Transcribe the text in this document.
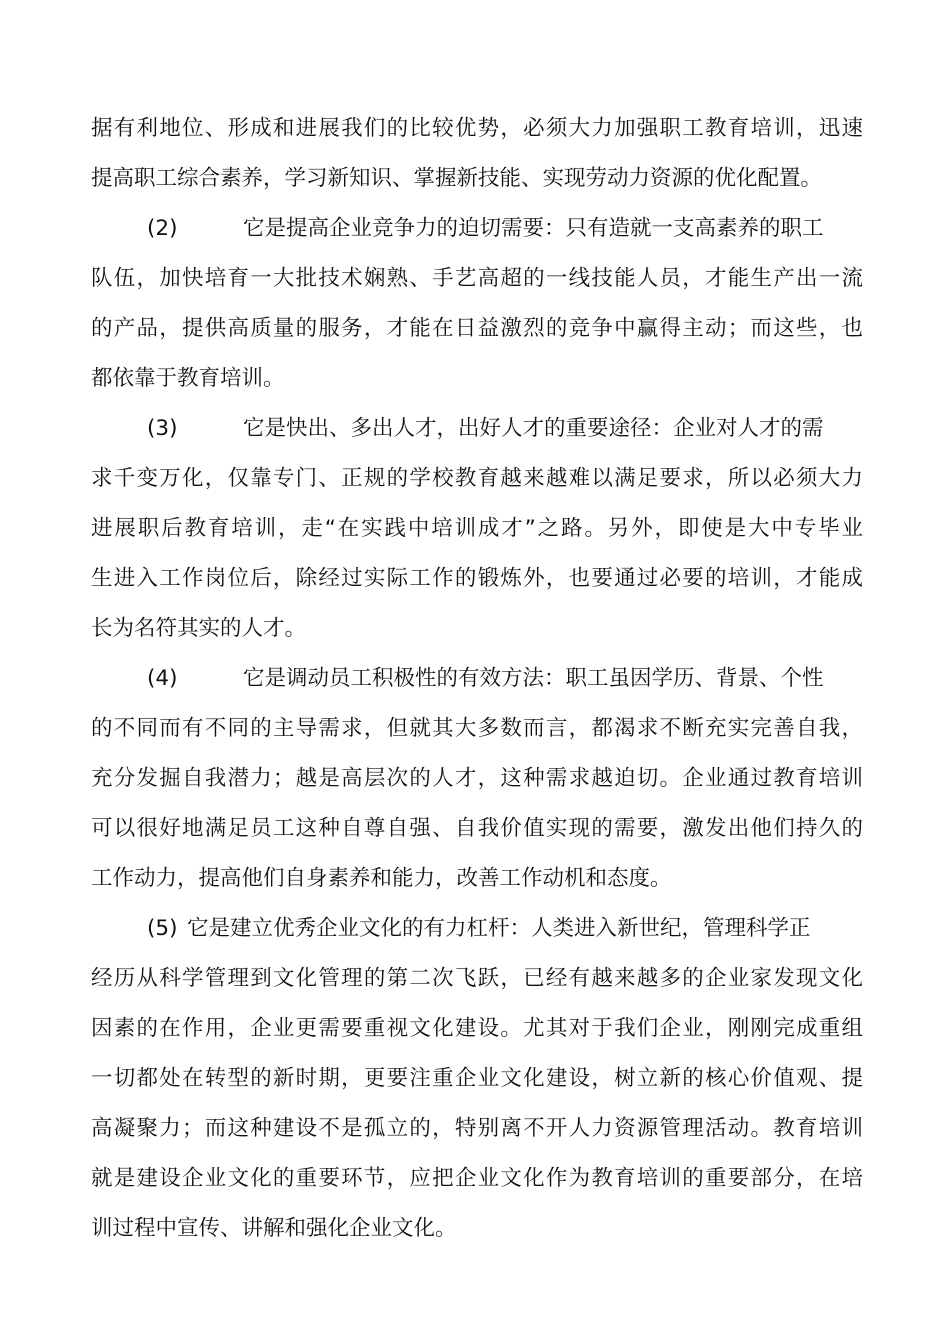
据有利地位、形成和进展我们的比较优势，必须大力加强职工教育培训，迅速
提高职工综合素养，学习新知识、掌握新技能、实现劳动力资源的优化配置。
(2)	它是提高企业竞争力的迫切需要：只有造就一支高素养的职工
队伍，加快培育一大批技术娴熟、手艺高超的一线技能人员，才能生产出一流
的产品，提供高质量的服务，才能在日益激烈的竞争中赢得主动；而这些，也
都依靠于教育培训。
(3)	它是快出、多出人才，出好人才的重要途径：企业对人才的需
求千变万化，仅靠专门、正规的学校教育越来越难以满足要求，所以必须大力
进展职后教育培训，走“在实践中培训成才”之路。另外，即使是大中专毕业
生进入工作岗位后，除经过实际工作的锻炼外，也要通过必要的培训，才能成
长为名符其实的人才。
(4)	它是调动员工积极性的有效方法：职工虽因学历、背景、个性
的不同而有不同的主导需求，但就其大多数而言，都渴求不断充实完善自我，
充分发掘自我潜力；越是高层次的人才，这种需求越迫切。企业通过教育培训
可以很好地满足员工这种自尊自强、自我价值实现的需要，激发出他们持久的
工作动力，提高他们自身素养和能力，改善工作动机和态度。
(5) 它是建立优秀企业文化的有力杠杆：人类进入新世纪，管理科学正
经历从科学管理到文化管理的第二次飞跃，已经有越来越多的企业家发现文化
因素的在作用，企业更需要重视文化建设。尤其对于我们企业，刚刚完成重组
一切都处在转型的新时期，更要注重企业文化建设，树立新的核心价值观、提
高凝聚力；而这种建设不是孤立的，特别离不开人力资源管理活动。教育培训
就是建设企业文化的重要环节，应把企业文化作为教育培训的重要部分，在培
训过程中宣传、讲解和强化企业文化。
